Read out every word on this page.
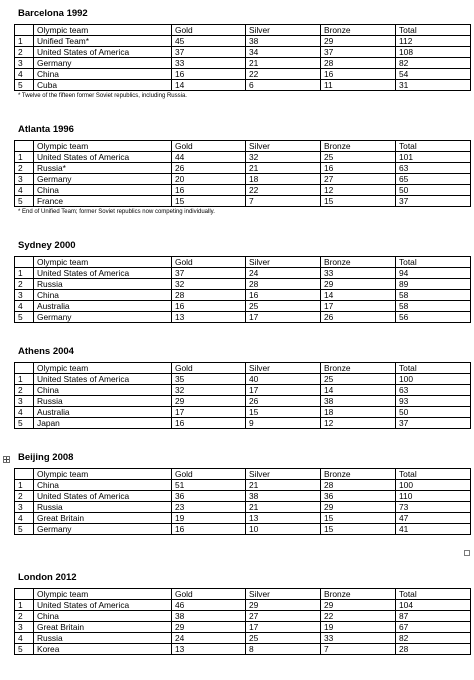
Barcelona 1992
	Olympic team	Gold	Silver	Bronze	Total
1	Unified Team*	45	38	29	112
2	United States of America	37	34	37	108
3	Germany	33	21	28	82
4	China	16	22	16	54
5	Cuba	14	6	11	31
* Twelve of the fifteen former Soviet republics, including Russia.
Atlanta 1996
	Olympic team	Gold	Silver	Bronze	Total
1	United States of America	44	32	25	101
2	Russia*	26	21	16	63
3	Germany	20	18	27	65
4	China	16	22	12	50
5	France	15	7	15	37
* End of Unified Team; former Soviet republics now competing individually.
Sydney 2000
	Olympic team	Gold	Silver	Bronze	Total
1	United States of America	37	24	33	94
2	Russia	32	28	29	89
3	China	28	16	14	58
4	Australia	16	25	17	58
5	Germany	13	17	26	56
Athens 2004
	Olympic team	Gold	Silver	Bronze	Total
1	United States of America	35	40	25	100
2	China	32	17	14	63
3	Russia	29	26	38	93
4	Australia	17	15	18	50
5	Japan	16	9	12	37
Beijing 2008
	Olympic team	Gold	Silver	Bronze	Total
1	China	51	21	28	100
2	United States of America	36	38	36	110
3	Russia	23	21	29	73
4	Great Britain	19	13	15	47
5	Germany	16	10	15	41
London 2012
	Olympic team	Gold	Silver	Bronze	Total
1	United States of America	46	29	29	104
2	China	38	27	22	87
3	Great Britain	29	17	19	67
4	Russia	24	25	33	82
5	Korea	13	8	7	28
